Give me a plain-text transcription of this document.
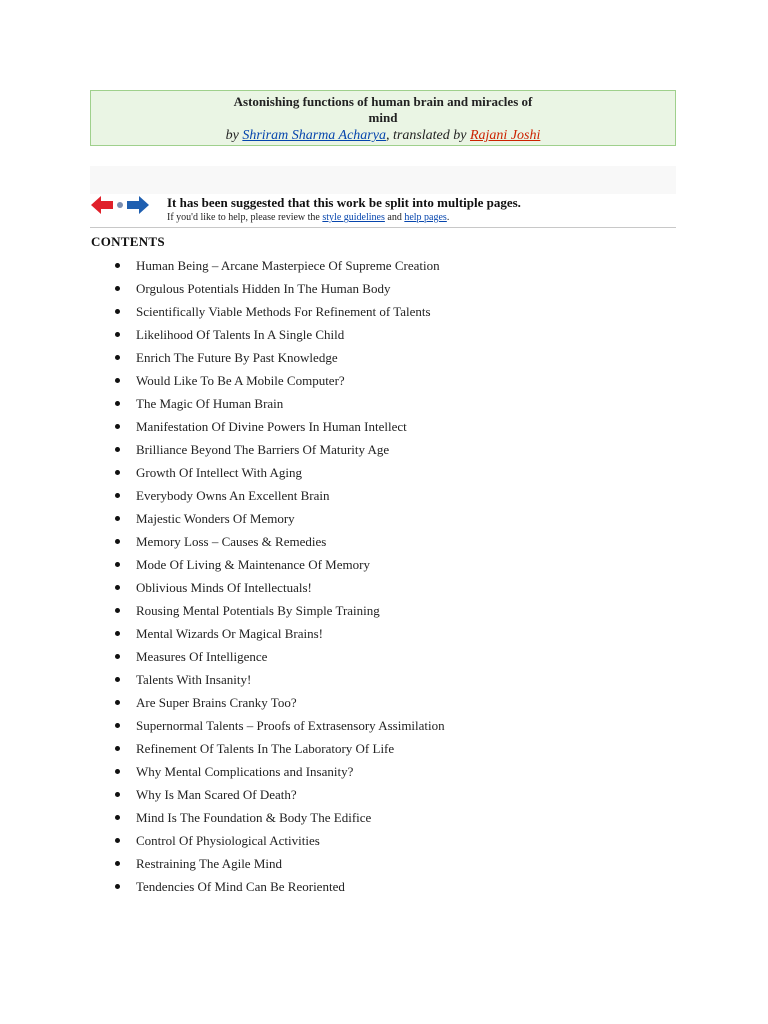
Astonishing functions of human brain and miracles of
mind
by Shriram Sharma Acharya, translated by Rajani Joshi
It has been suggested that this work be split into multiple pages.
If you'd like to help, please review the style guidelines and help pages.
CONTENTS
Human Being – Arcane Masterpiece Of Supreme Creation
Orgulous Potentials Hidden In The Human Body
Scientifically Viable Methods For Refinement of Talents
Likelihood Of Talents In A Single Child
Enrich The Future By Past Knowledge
Would Like To Be A Mobile Computer?
The Magic Of Human Brain
Manifestation Of Divine Powers In Human Intellect
Brilliance Beyond The Barriers Of Maturity Age
Growth Of Intellect With Aging
Everybody Owns An Excellent Brain
Majestic Wonders Of Memory
Memory Loss – Causes & Remedies
Mode Of Living & Maintenance Of Memory
Oblivious Minds Of Intellectuals!
Rousing Mental Potentials By Simple Training
Mental Wizards Or Magical Brains!
Measures Of Intelligence
Talents With Insanity!
Are Super Brains Cranky Too?
Supernormal Talents – Proofs of Extrasensory Assimilation
Refinement Of Talents In The Laboratory Of Life
Why Mental Complications and Insanity?
Why Is Man Scared Of Death?
Mind Is The Foundation & Body The Edifice
Control Of Physiological Activities
Restraining The Agile Mind
Tendencies Of Mind Can Be Reoriented
